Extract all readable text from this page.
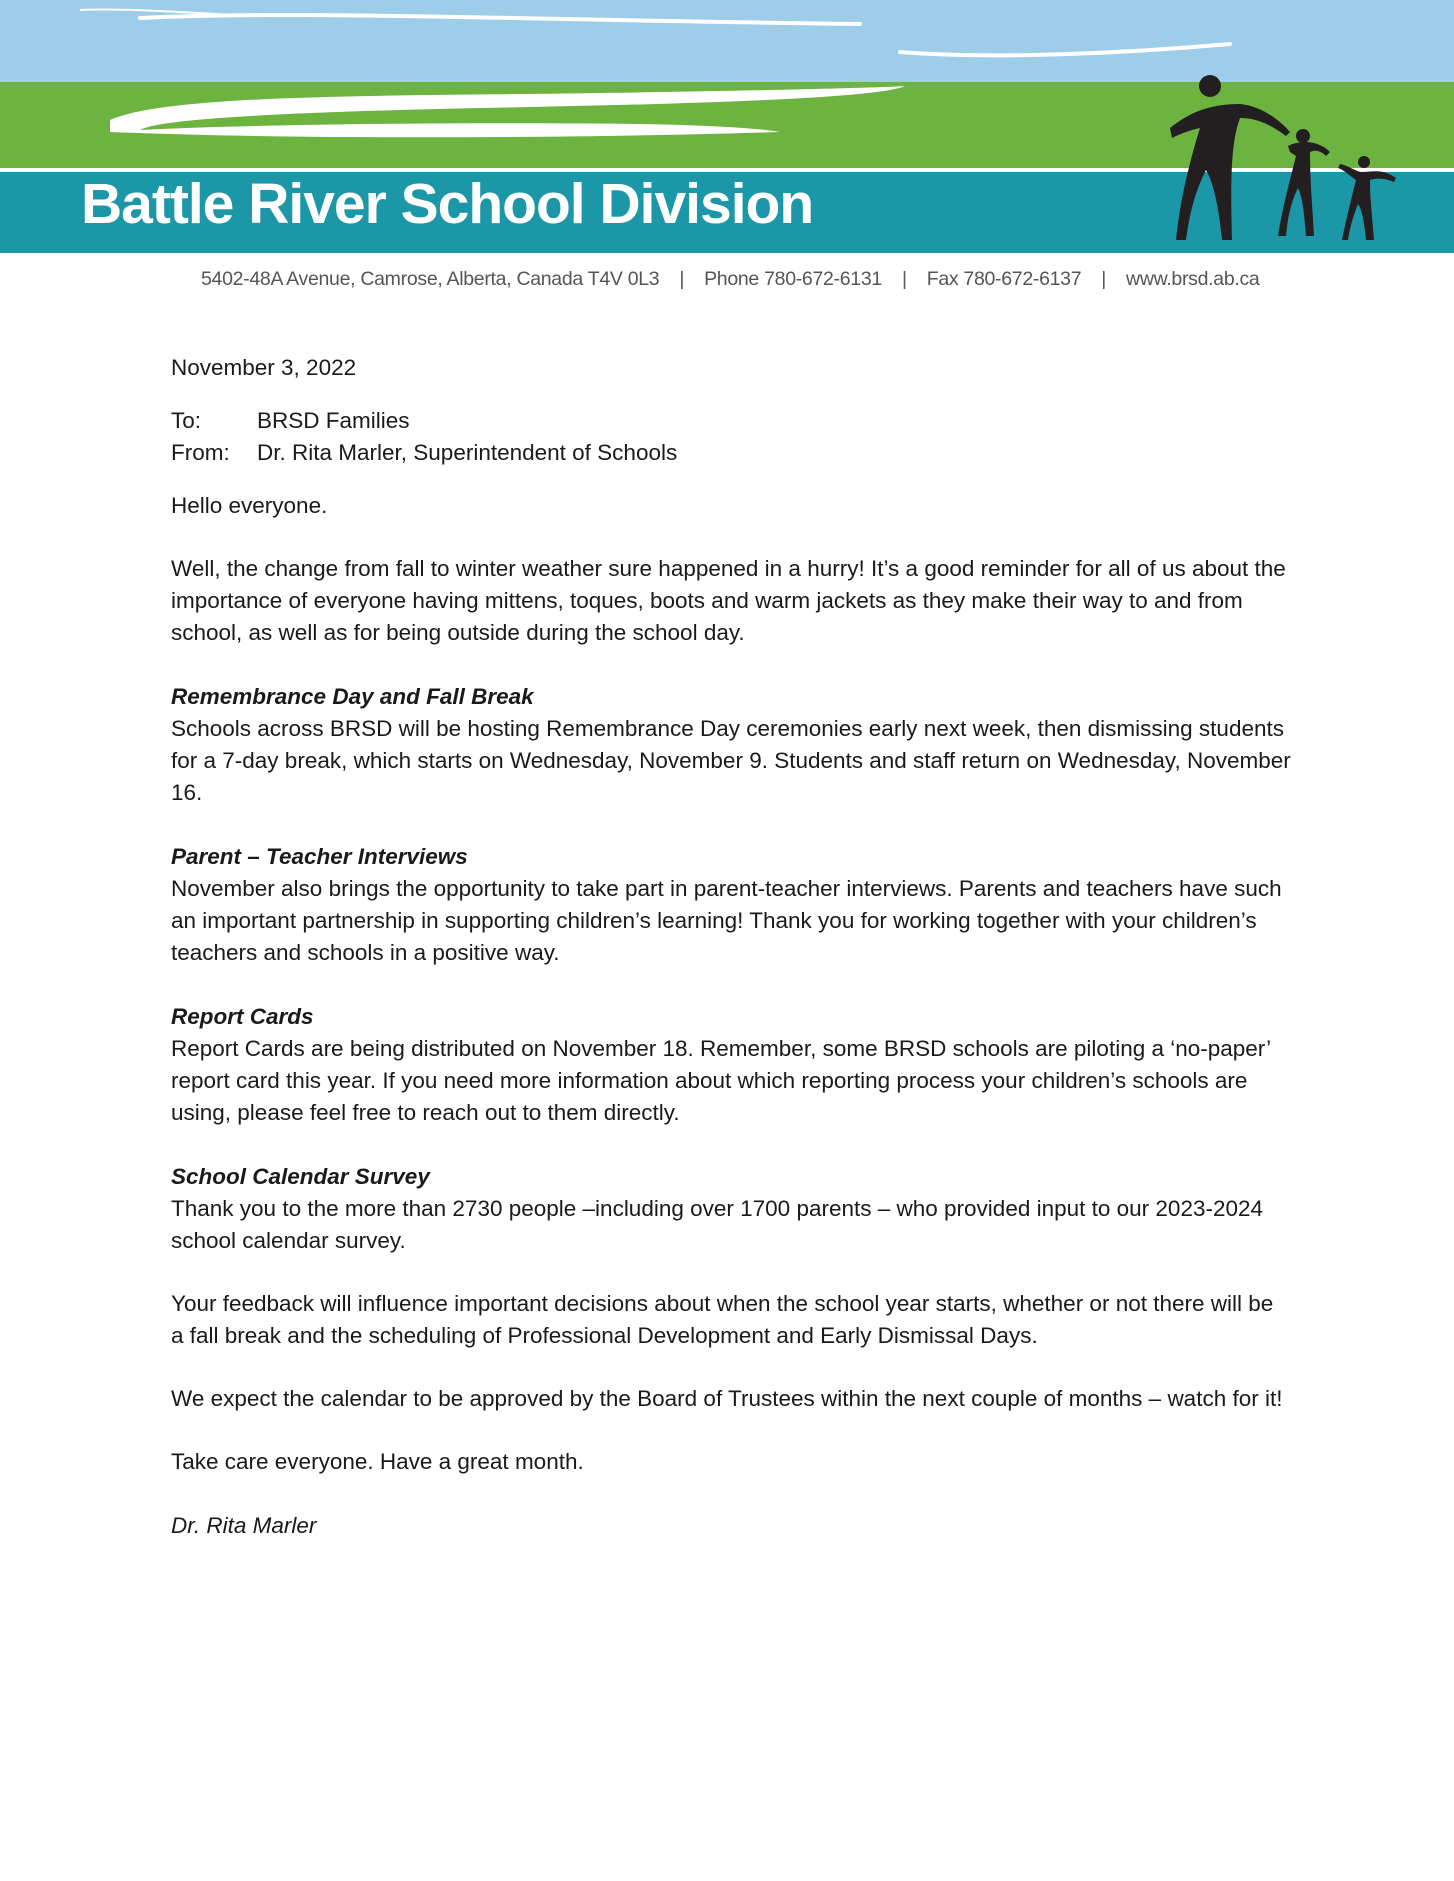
Battle River School Division
5402-48A Avenue, Camrose, Alberta, Canada T4V 0L3 | Phone 780-672-6131 | Fax 780-672-6137 | www.brsd.ab.ca

November 3, 2022

To:	BRSD Families
From:	Dr. Rita Marler, Superintendent of Schools

Hello everyone.

Well, the change from fall to winter weather sure happened in a hurry! It’s a good reminder for all of us about the importance of everyone having mittens, toques, boots and warm jackets as they make their way to and from school, as well as for being outside during the school day.

Remembrance Day and Fall Break

Schools across BRSD will be hosting Remembrance Day ceremonies early next week, then dismissing students for a 7-day break, which starts on Wednesday, November 9. Students and staff return on Wednesday, November 16.

Parent – Teacher Interviews

November also brings the opportunity to take part in parent-teacher interviews. Parents and teachers have such an important partnership in supporting children’s learning! Thank you for working together with your children’s teachers and schools in a positive way.

Report Cards

Report Cards are being distributed on November 18. Remember, some BRSD schools are piloting a ‘no-paper’ report card this year. If you need more information about which reporting process your children’s schools are using, please feel free to reach out to them directly.

School Calendar Survey

Thank you to the more than 2730 people –including over 1700 parents – who provided input to our 2023-2024 school calendar survey.

Your feedback will influence important decisions about when the school year starts, whether or not there will be a fall break and the scheduling of Professional Development and Early Dismissal Days.

We expect the calendar to be approved by the Board of Trustees within the next couple of months – watch for it!

Take care everyone. Have a great month.

Dr. Rita Marler
